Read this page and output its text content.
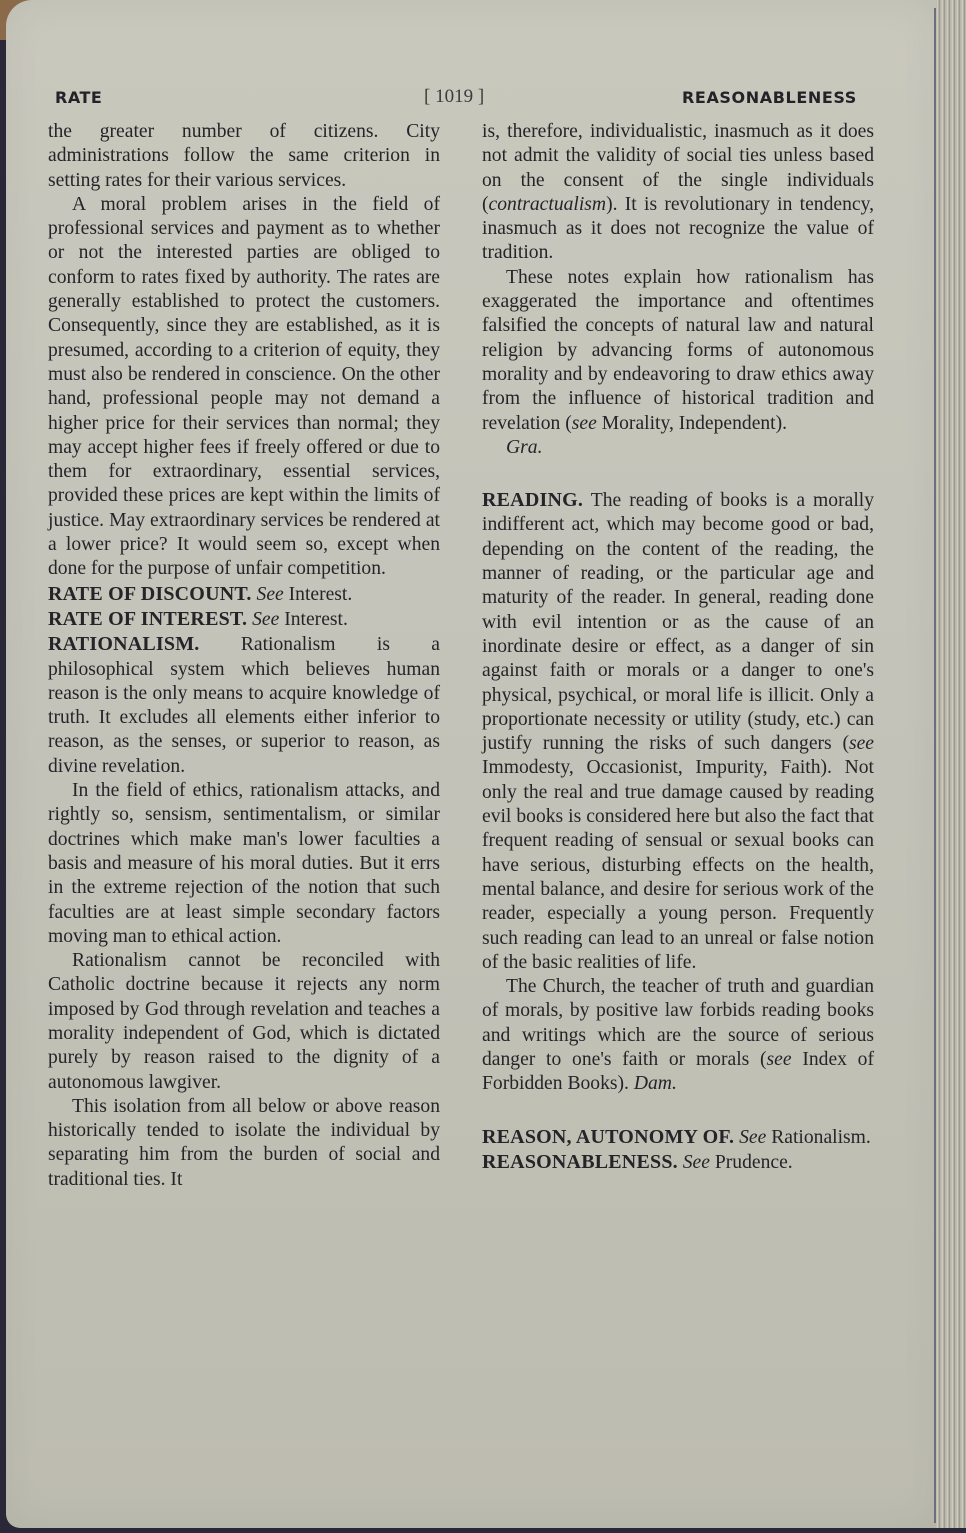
RATE	[ 1019 ]	REASONABLENESS

the greater number of citizens. City administrations follow the same criterion in setting rates for their various services.

A moral problem arises in the field of professional services and payment as to whether or not the interested parties are obliged to conform to rates fixed by authority. The rates are generally established to protect the customers. Consequently, since they are established, as it is presumed, according to a criterion of equity, they must also be rendered in conscience. On the other hand, professional people may not demand a higher price for their services than normal; they may accept higher fees if freely offered or due to them for extraordinary, essential services, provided these prices are kept within the limits of justice. May extraordinary services be rendered at a lower price? It would seem so, except when done for the purpose of unfair competition.

RATE OF DISCOUNT. See Interest.

RATE OF INTEREST. See Interest.

RATIONALISM. Rationalism is a philosophical system which believes human reason is the only means to acquire knowledge of truth. It excludes all elements either inferior to reason, as the senses, or superior to reason, as divine revelation.

In the field of ethics, rationalism attacks, and rightly so, sensism, sentimentalism, or similar doctrines which make man's lower faculties a basis and measure of his moral duties. But it errs in the extreme rejection of the notion that such faculties are at least simple secondary factors moving man to ethical action.

Rationalism cannot be reconciled with Catholic doctrine because it rejects any norm imposed by God through revelation and teaches a morality independent of God, which is dictated purely by reason raised to the dignity of a autonomous lawgiver.

This isolation from all below or above reason historically tended to isolate the individual by separating him from the burden of social and traditional ties. It

is, therefore, individualistic, inasmuch as it does not admit the validity of social ties unless based on the consent of the single individuals (contractualism). It is revolutionary in tendency, inasmuch as it does not recognize the value of tradition.

These notes explain how rationalism has exaggerated the importance and oftentimes falsified the concepts of natural law and natural religion by advancing forms of autonomous morality and by endeavoring to draw ethics away from the influence of historical tradition and revelation (see Morality, Independent).
Gra.

READING. The reading of books is a morally indifferent act, which may become good or bad, depending on the content of the reading, the manner of reading, or the particular age and maturity of the reader. In general, reading done with evil intention or as the cause of an inordinate desire or effect, as a danger of sin against faith or morals or a danger to one's physical, psychical, or moral life is illicit. Only a proportionate necessity or utility (study, etc.) can justify running the risks of such dangers (see Immodesty, Occasionist, Impurity, Faith). Not only the real and true damage caused by reading evil books is considered here but also the fact that frequent reading of sensual or sexual books can have serious, disturbing effects on the health, mental balance, and desire for serious work of the reader, especially a young person. Frequently such reading can lead to an unreal or false notion of the basic realities of life.

The Church, the teacher of truth and guardian of morals, by positive law forbids reading books and writings which are the source of serious danger to one's faith or morals (see Index of Forbidden Books). Dam.

REASON, AUTONOMY OF. See Rationalism.

REASONABLENESS. See Prudence.
